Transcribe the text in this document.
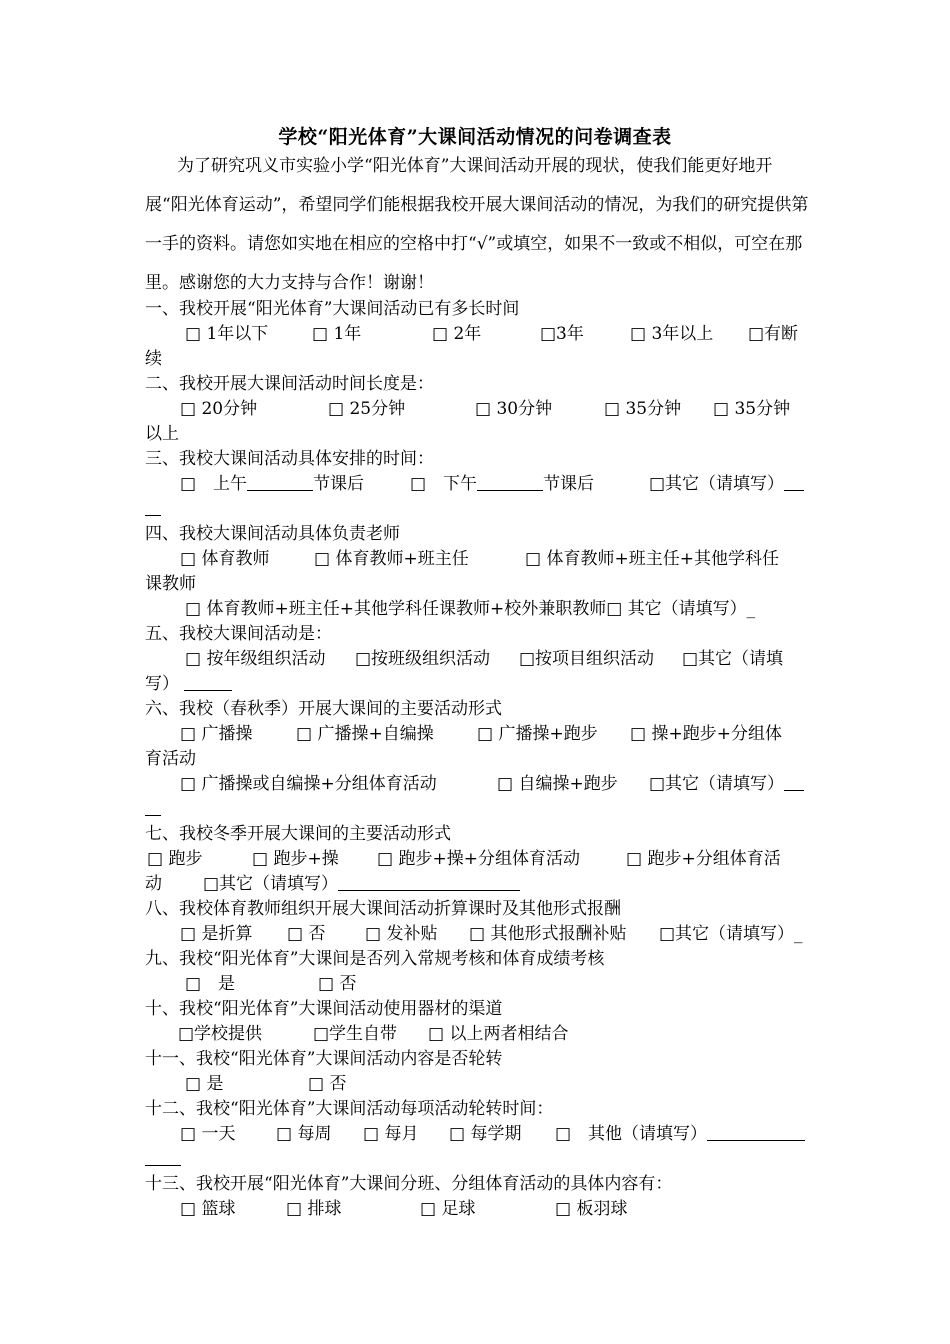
学校“阳光体育”大课间活动情况的问卷调查表
为了研究巩义市实验小学“阳光体育”大课间活动开展的现状，使我们能更好地开展“阳光体育运动”，希望同学们能根据我校开展大课间活动的情况，为我们的研究提供第一手的资料。请您如实地在相应的空格中打“√”或填空，如果不一致或不相似，可空在那里。感谢您的大力支持与合作！谢谢！
一、我校开展“阳光体育”大课间活动已有多长时间
□ 1年以下	□ 1年	□ 2年	□3年	□ 3年以上 □有断
续
二、我校开展大课间活动时间长度是：
□ 20分钟	□ 25分钟	□ 30分钟	□ 35分钟 □ 35分钟
以上
三、我校大课间活动具体安排的时间：
□　上午	节课后	□　下午	节课后	□其它（请填写）
四、我校大课间活动具体负责老师
□ 体育教师	□ 体育教师+班主任	□ 体育教师+班主任+其他学科任
课教师
□ 体育教师+班主任+其他学科任课教师+校外兼职教师□ 其它（请填写）_
五、我校大课间活动是：
□ 按年级组织活动 □按班级组织活动 □按项目组织活动 □其它（请填
写）
六、我校（春秋季）开展大课间的主要活动形式
□ 广播操	□ 广播操+自编操	□ 广播操+跑步 □ 操+跑步+分组体
育活动
□ 广播操或自编操+分组体育活动	□ 自编操+跑步 □其它（请填写）
七、我校冬季开展大课间的主要活动形式
□ 跑步	□ 跑步+操 □ 跑步+操+分组体育活动	□ 跑步+分组体育活
动 □其它（请填写）
八、我校体育教师组织开展大课间活动折算课时及其他形式报酬
□ 是折算 □ 否 □ 发补贴 □ 其他形式报酬补贴 □其它（请填写）_
九、我校“阳光体育”大课间是否列入常规考核和体育成绩考核
□　是	□ 否
十、我校“阳光体育”大课间活动使用器材的渠道
□学校提供	□学生自带 □ 以上两者相结合
十一、我校“阳光体育”大课间活动内容是否轮转
□ 是	□ 否
十二、我校“阳光体育”大课间活动每项活动轮转时间：
□ 一天 □ 每周 □ 每月 □ 每学期 □　其他（请填写）
十三、我校开展“阳光体育”大课间分班、分组体育活动的具体内容有：
□ 篮球	□ 排球	□ 足球	□ 板羽球
